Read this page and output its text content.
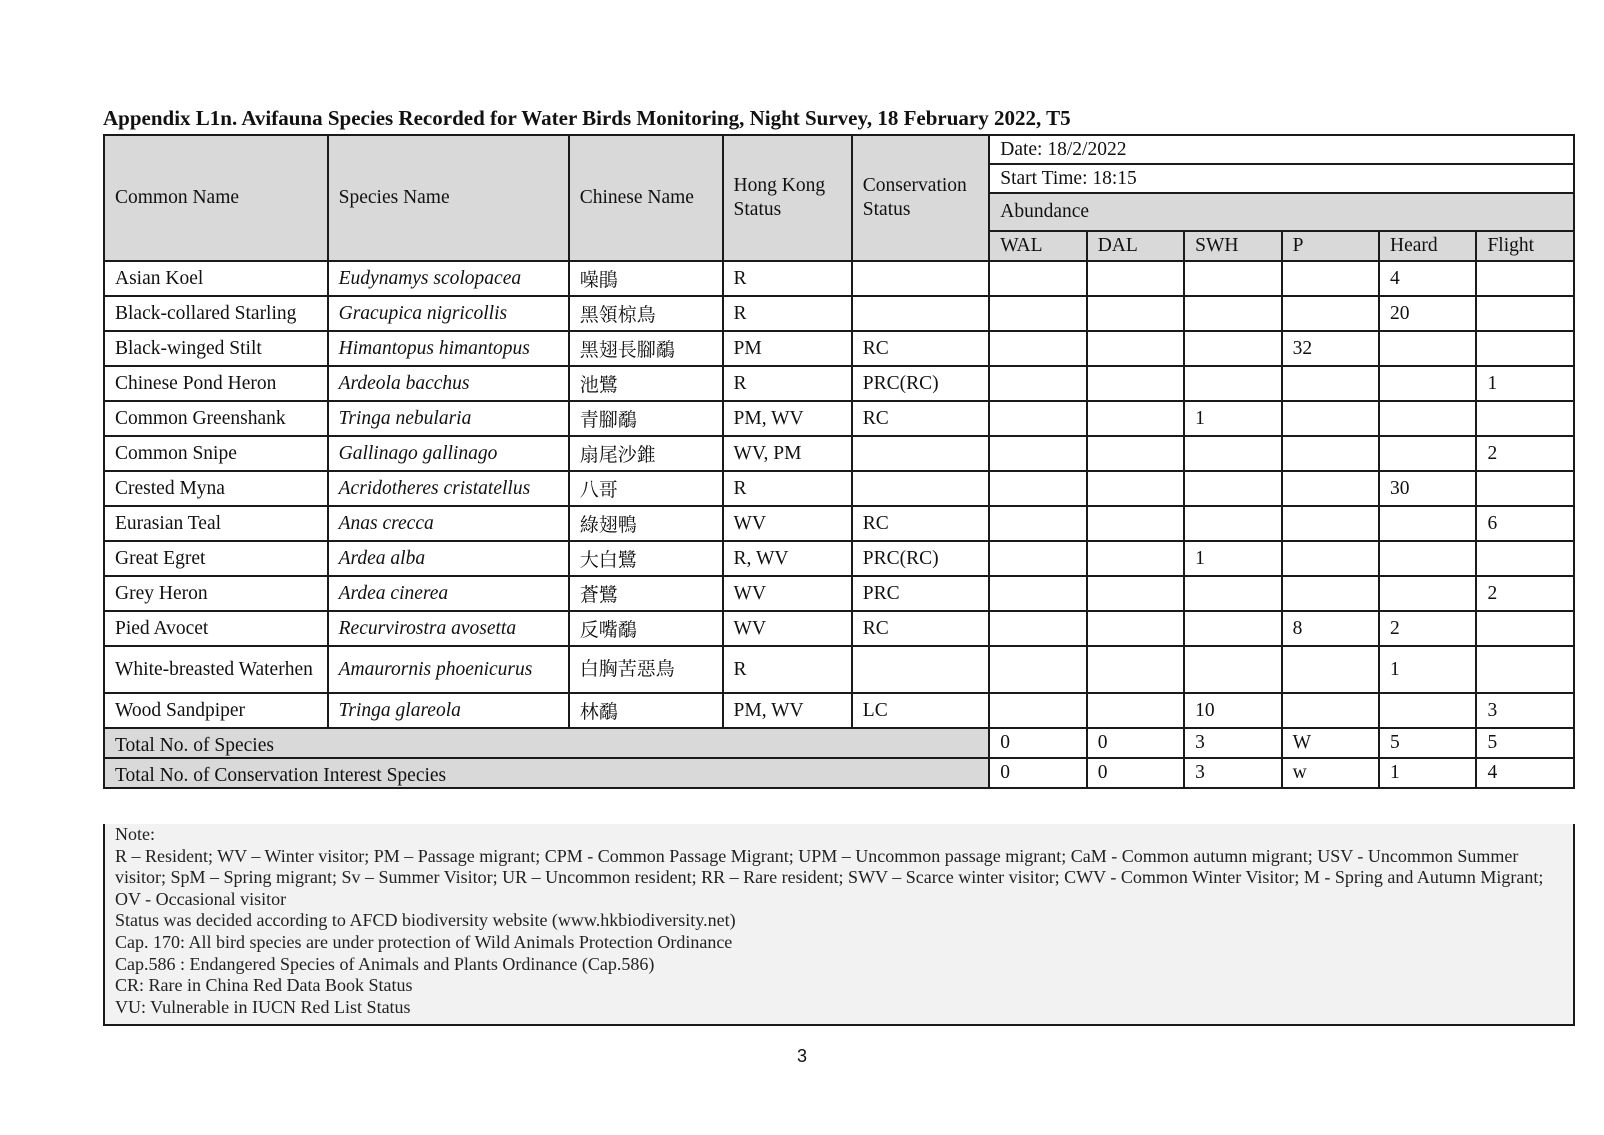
Appendix L1n. Avifauna Species Recorded for Water Birds Monitoring, Night Survey, 18 February 2022, T5
Common Name	Species Name	Chinese Name	Hong Kong Status	Conservation Status	Date: 18/2/2022					
					Start Time: 18:15					
					Abundance					
					WAL	DAL	SWH	P	Heard	Flight
Asian Koel	Eudynamys scolopacea	噪鵑	R						4	
Black-collared Starling	Gracupica nigricollis	黑領椋鳥	R						20	
Black-winged Stilt	Himantopus himantopus	黑翅長腳鷸	PM	RC				32		
Chinese Pond Heron	Ardeola bacchus	池鷺	R	PRC(RC)						1
Common Greenshank	Tringa nebularia	青腳鷸	PM, WV	RC			1			
Common Snipe	Gallinago gallinago	扇尾沙錐	WV, PM							2
Crested Myna	Acridotheres cristatellus	八哥	R						30	
Eurasian Teal	Anas crecca	綠翅鴨	WV	RC						6
Great Egret	Ardea alba	大白鷺	R, WV	PRC(RC)			1			
Grey Heron	Ardea cinerea	蒼鷺	WV	PRC						2
Pied Avocet	Recurvirostra avosetta	反嘴鷸	WV	RC				8	2	
White-breasted Waterhen	Amaurornis phoenicurus	白胸苦惡鳥	R						1	
Wood Sandpiper	Tringa glareola	林鷸	PM, WV	LC			10			3
Total No. of Species					0	0	3	W	5	5
Total No. of Conservation Interest Species					0	0	3	w	1	4
Note:
R – Resident; WV – Winter visitor; PM – Passage migrant; CPM - Common Passage Migrant; UPM – Uncommon passage migrant; CaM - Common autumn migrant; USV - Uncommon Summer visitor; SpM – Spring migrant; Sv – Summer Visitor; UR – Uncommon resident; RR – Rare resident; SWV – Scarce winter visitor; CWV - Common Winter Visitor; M - Spring and Autumn Migrant; OV - Occasional visitor
Status was decided according to AFCD biodiversity website (www.hkbiodiversity.net)
Cap. 170: All bird species are under protection of Wild Animals Protection Ordinance
Cap.586 : Endangered Species of Animals and Plants Ordinance (Cap.586)
CR: Rare in China Red Data Book Status
VU: Vulnerable in IUCN Red List Status
3
